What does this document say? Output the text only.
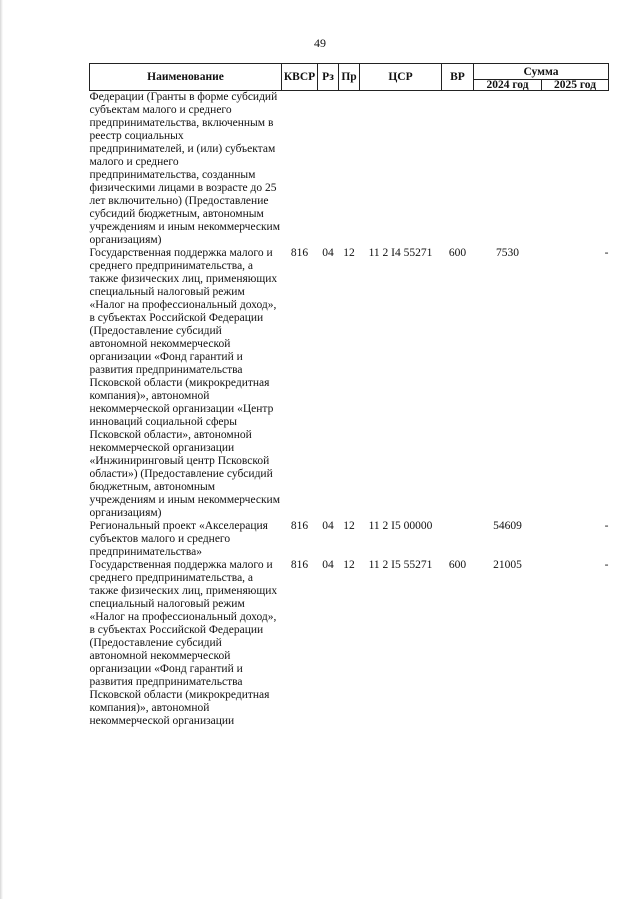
49
Наименование	КВСР	Рз	Пр	ЦСР	ВР	Сумма	
						2024 год	2025 год
Федерации (Гранты в форме субсидий субъектам малого и среднего предпринимательства, включенным в реестр социальных предпринимателей, и (или) субъектам малого и среднего предпринимательства, созданным физическими лицами в возрасте до 25 лет включительно) (Предоставление субсидий бюджетным, автономным учреждениям и иным некоммерческим организациям)							
Государственная поддержка малого и среднего предпринимательства, а также физических лиц, применяющих специальный налоговый режим «Налог на профессиональный доход», в субъектах Российской Федерации (Предоставление субсидий автономной некоммерческой организации «Фонд гарантий и развития предпринимательства Псковской области (микрокредитная компания)», автономной некоммерческой организации «Центр инноваций социальной сферы Псковской области», автономной некоммерческой организации «Инжиниринговый центр Псковской области») (Предоставление субсидий бюджетным, автономным учреждениям и иным некоммерческим организациям)	816	04	12	11 2 I4 55271	600	7530	-
Региональный проект «Акселерация субъектов малого и среднего предпринимательства»	816	04	12	11 2 I5 00000		54609	-
Государственная поддержка малого и среднего предпринимательства, а также физических лиц, применяющих специальный налоговый режим «Налог на профессиональный доход», в субъектах Российской Федерации (Предоставление субсидий автономной некоммерческой организации «Фонд гарантий и развития предпринимательства Псковской области (микрокредитная компания)», автономной некоммерческой организации	816	04	12	11 2 I5 55271	600	21005	-
